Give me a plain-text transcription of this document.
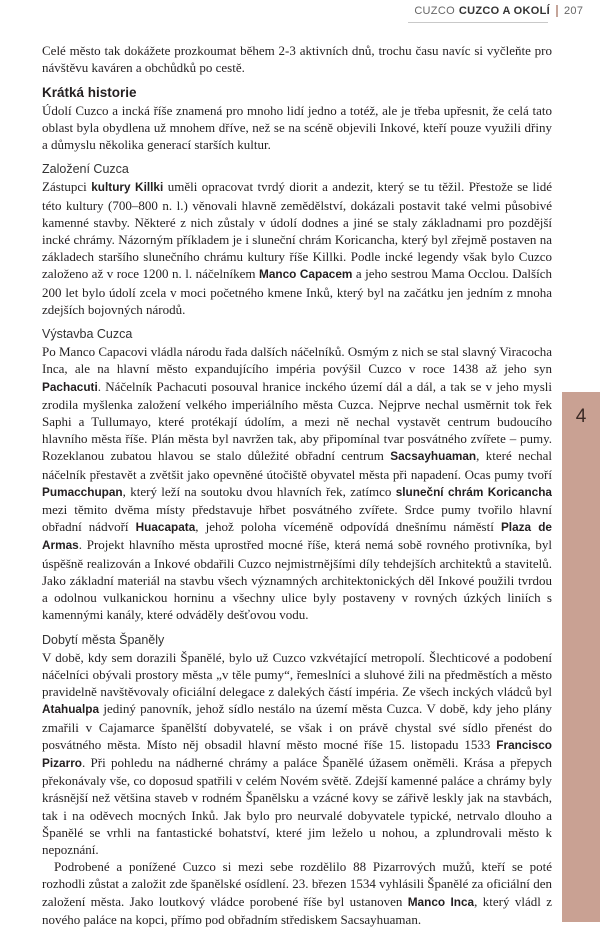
CUZCO CUZCO A OKOLÍ 207
4

Celé město tak dokážete prozkoumat během 2-3 aktivních dnů, trochu času navíc si vyčleňte pro návštěvu kaváren a obchůdků po cestě.

Krátká historie

Údolí Cuzco a incká říše znamená pro mnoho lidí jedno a totéž, ale je třeba upřesnit, že celá tato oblast byla obydlena už mnohem dříve, než se na scéně objevili Inkové, kteří pouze využili dřiny a důmyslu několika generací starších kultur.

Založení Cuzca

Zástupci kultury Killki uměli opracovat tvrdý diorit a andezit, který se tu těžil. Přestože se lidé této kultury (700–800 n. l.) věnovali hlavně zemědělství, dokázali postavit také velmi působivé kamenné stavby. Některé z nich zůstaly v údolí dodnes a jiné se staly základnami pro pozdější incké chrámy. Názorným příkladem je i sluneční chrám Koricancha, který byl zřejmě postaven na základech staršího slunečního chrámu kultury říše Killki. Podle incké legendy však bylo Cuzco založeno až v roce 1200 n. l. náčelníkem Manco Capacem a jeho sestrou Mama Occlou. Dalších 200 let bylo údolí zcela v moci početného kmene Inků, který byl na začátku jen jedním z mnoha zdejších bojovných národů.

Výstavba Cuzca

Po Manco Capacovi vládla národu řada dalších náčelníků. Osmým z nich se stal slavný Viracocha Inca, ale na hlavní město expandujícího impéria povýšil Cuzco v roce 1438 až jeho syn Pachacuti. Náčelník Pachacuti posouval hranice inckého území dál a dál, a tak se v jeho mysli zrodila myšlenka založení velkého imperiálního města Cuzca. Nejprve nechal usměrnit tok řek Saphi a Tullumayo, které protékají údolím, a mezi ně nechal vystavět centrum budoucího hlavního města říše. Plán města byl navržen tak, aby připomínal tvar posvátného zvířete – pumy. Rozeklanou zubatou hlavou se stalo důležité obřadní centrum Sacsayhuaman, které nechal náčelník přestavět a zvětšit jako opevněné útočiště obyvatel města při napadení. Ocas pumy tvoří Pumacchupan, který leží na soutoku dvou hlavních řek, zatímco sluneční chrám Koricancha mezi těmito dvěma místy představuje hřbet posvátného zvířete. Srdce pumy tvořilo hlavní obřadní nádvoří Huacapata, jehož poloha víceméně odpovídá dnešnímu náměstí Plaza de Armas. Projekt hlavního města uprostřed mocné říše, která nemá sobě rovného protivníka, byl úspěšně realizován a Inkové obdařili Cuzco nejmistrnějšími díly tehdejších architektů a stavitelů. Jako základní materiál na stavbu všech významných architektonických děl Inkové použili tvrdou a odolnou vulkanickou horninu a všechny ulice byly postaveny v rovných úzkých liniích s kamennými kanály, které odváděly dešťovou vodu.

Dobytí města Španěly

V době, kdy sem dorazili Španělé, bylo už Cuzco vzkvétající metropolí. Šlechticové a podobení náčelníci obývali prostory města „v těle pumy“, řemeslníci a sluhové žili na předměstích a město pravidelně navštěvovaly oficiální delegace z dalekých částí impéria. Ze všech inckých vládců byl Atahualpa jediný panovník, jehož sídlo nestálo na území města Cuzca. V době, kdy jeho plány zmařili v Cajamarce španělští dobyvatelé, se však i on právě chystal své sídlo přenést do posvátného města. Místo něj obsadil hlavní město mocné říše 15. listopadu 1533 Francisco Pizarro. Při pohledu na nádherné chrámy a paláce Španělé úžasem oněměli. Krása a přepych překonávaly vše, co doposud spatřili v celém Novém světě. Zdejší kamenné paláce a chrámy byly krásnější než většina staveb v rodném Španělsku a vzácné kovy se zářivě leskly jak na stavbách, tak i na oděvech mocných Inků. Jak bylo pro neurvalé dobyvatele typické, netrvalo dlouho a Španělé se vrhli na fantastické bohatství, které jim leželo u nohou, a zplundrovali město k nepoznání.

Podrobené a ponížené Cuzco si mezi sebe rozdělilo 88 Pizarrových mužů, kteří se poté rozhodli zůstat a založit zde španělské osídlení. 23. březen 1534 vyhlásili Španělé za oficiální den založení města. Jako loutkový vládce porobené říše byl ustanoven Manco Inca, který vládl z nového paláce na kopci, přímo pod obřadním střediskem Sacsayhuaman.
